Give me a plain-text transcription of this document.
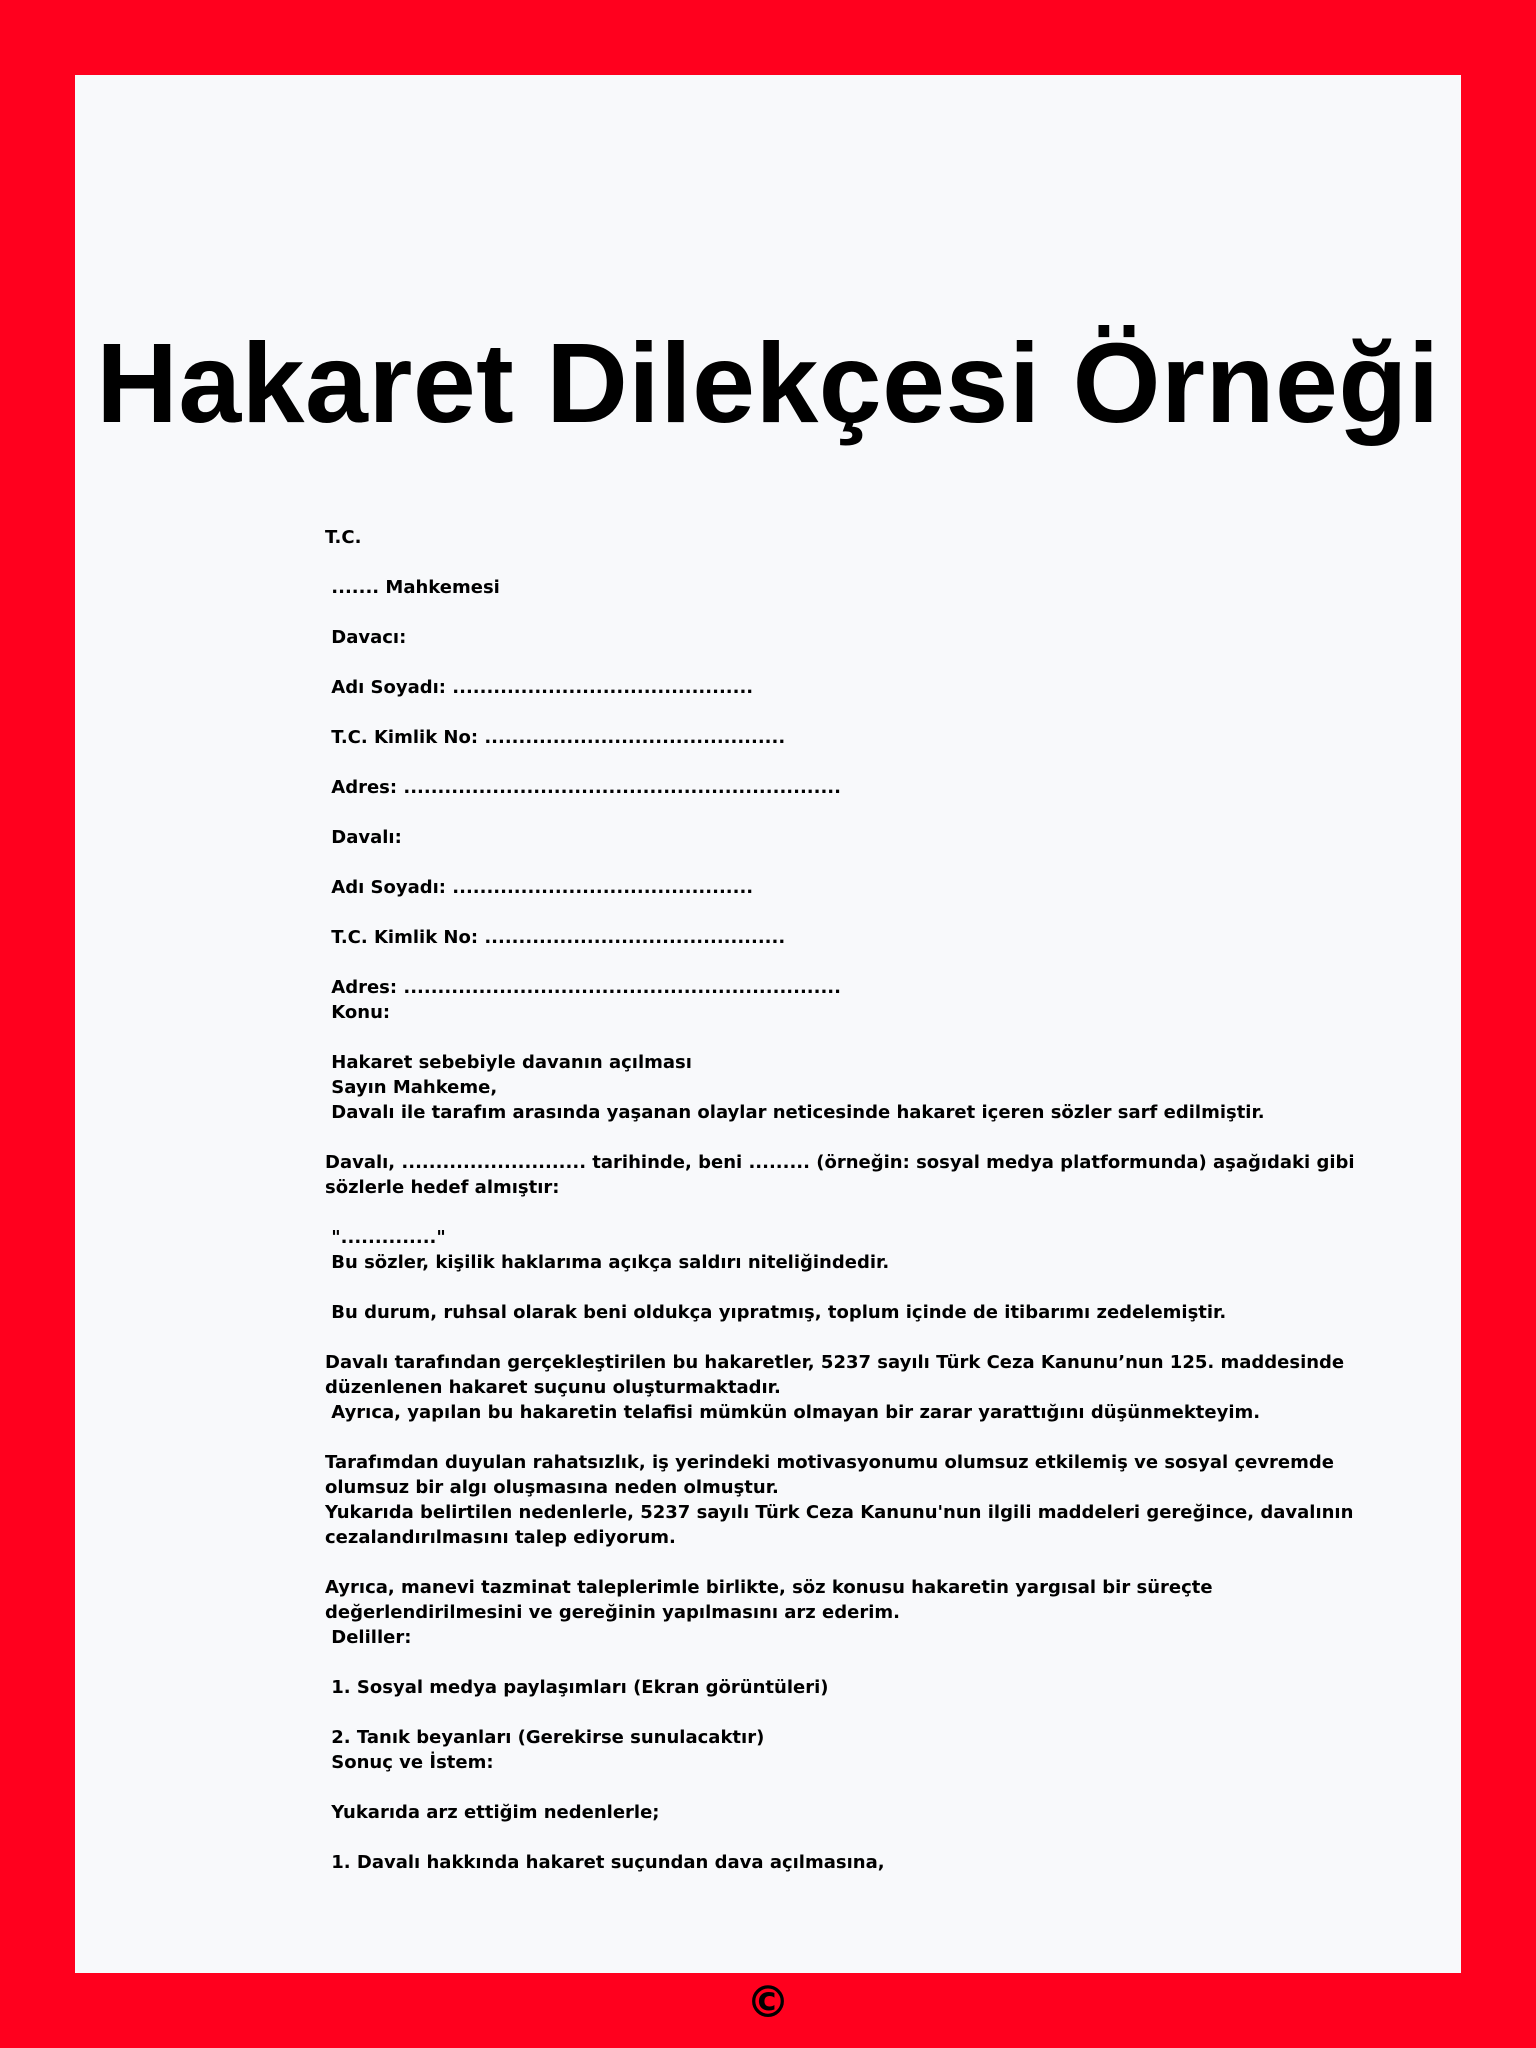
Hakaret Dilekçesi Örneği

T.C.

....... Mahkemesi

Davacı:

Adı Soyadı: ............................................

T.C. Kimlik No: ............................................

Adres: ................................................................

Davalı:

Adı Soyadı: ............................................

T.C. Kimlik No: ............................................

Adres: ................................................................

Konu:

Hakaret sebebiyle davanın açılması

Sayın Mahkeme,

Davalı ile tarafım arasında yaşanan olaylar neticesinde hakaret içeren sözler sarf edilmiştir.

Davalı, ........................... tarihinde, beni ......... (örneğin: sosyal medya platformunda) aşağıdaki gibi sözlerle hedef almıştır:

".............."

Bu sözler, kişilik haklarıma açıkça saldırı niteliğindedir.

Bu durum, ruhsal olarak beni oldukça yıpratmış, toplum içinde de itibarımı zedelemiştir.

Davalı tarafından gerçekleştirilen bu hakaretler, 5237 sayılı Türk Ceza Kanunu’nun 125. maddesinde düzenlenen hakaret suçunu oluşturmaktadır.

Ayrıca, yapılan bu hakaretin telafisi mümkün olmayan bir zarar yarattığını düşünmekteyim.

Tarafımdan duyulan rahatsızlık, iş yerindeki motivasyonumu olumsuz etkilemiş ve sosyal çevremde olumsuz bir algı oluşmasına neden olmuştur.

Yukarıda belirtilen nedenlerle, 5237 sayılı Türk Ceza Kanunu'nun ilgili maddeleri gereğince, davalının cezalandırılmasını talep ediyorum.

Ayrıca, manevi tazminat taleplerimle birlikte, söz konusu hakaretin yargısal bir süreçte değerlendirilmesini ve gereğinin yapılmasını arz ederim.

Deliller:

1. Sosyal medya paylaşımları (Ekran görüntüleri)

2. Tanık beyanları (Gerekirse sunulacaktır)

Sonuç ve İstem:

Yukarıda arz ettiğim nedenlerle;

1. Davalı hakkında hakaret suçundan dava açılmasına,

©
